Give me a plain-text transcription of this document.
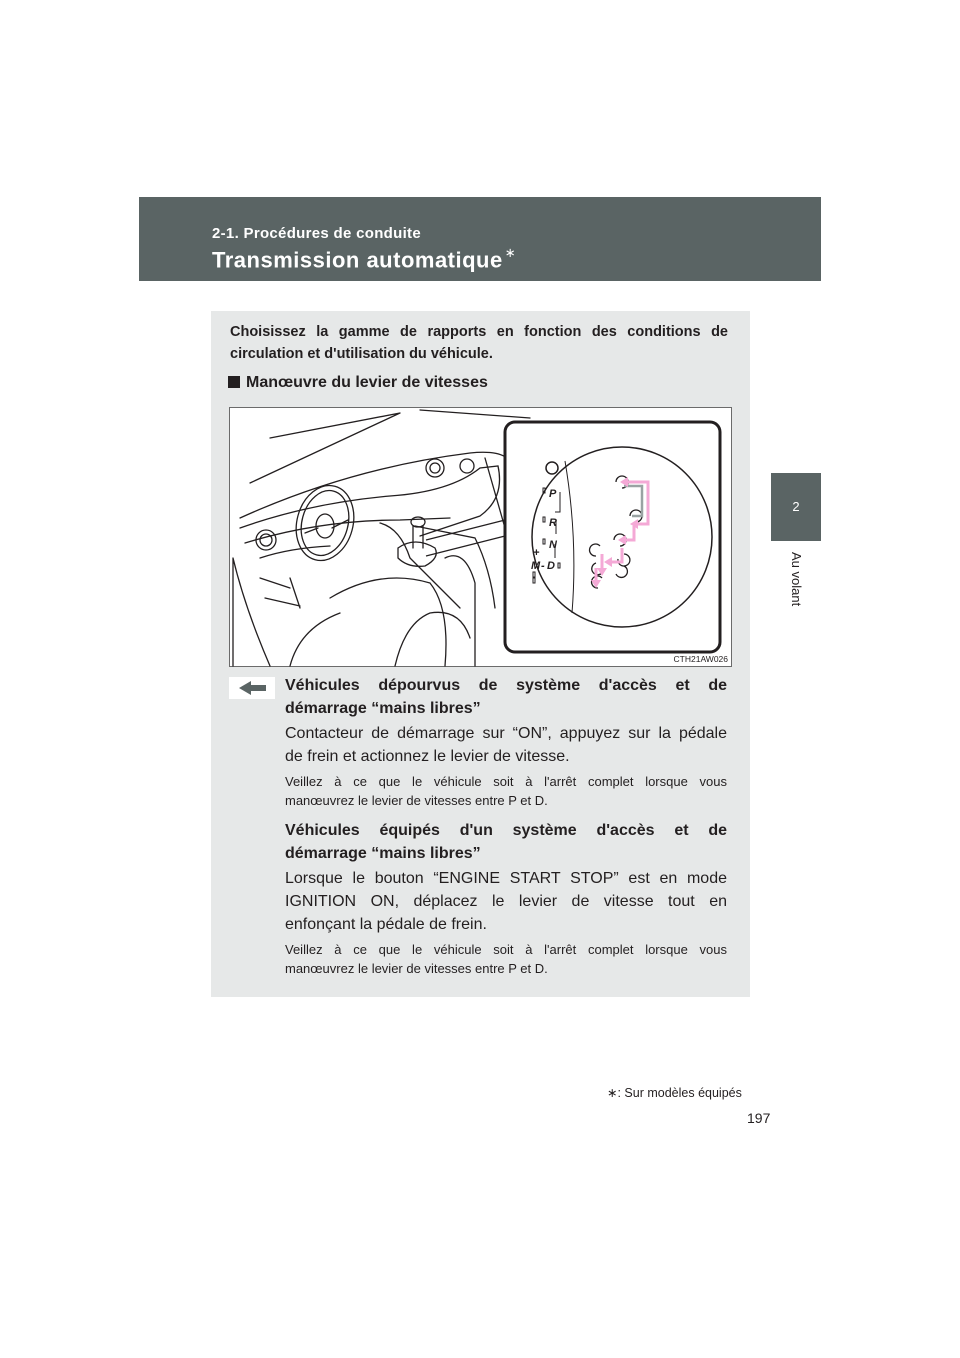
2-1. Procédures de conduite
Transmission automatique ∗
2
Au volant
Choisissez la gamme de rapports en fonction des conditions de circulation et d'utilisation du véhicule.
Manœuvre du levier de vitesses
P
R
N
D
M
+
-
CTH21AW026
Véhicules dépourvus de système d'accès et de
démarrage “mains libres”
Contacteur de démarrage sur “ON”, appuyez sur la pédale
de frein et actionnez le levier de vitesse.
Veillez à ce que le véhicule soit à l'arrêt complet lorsque vous
manœuvrez le levier de vitesses entre P et D.
Véhicules équipés d'un système d'accès et de
démarrage “mains libres”
Lorsque le bouton “ENGINE START STOP” est en mode
IGNITION ON, déplacez le levier de vitesse tout en
enfonçant la pédale de frein.
Veillez à ce que le véhicule soit à l'arrêt complet lorsque vous
manœuvrez le levier de vitesses entre P et D.
∗: Sur modèles équipés
197
